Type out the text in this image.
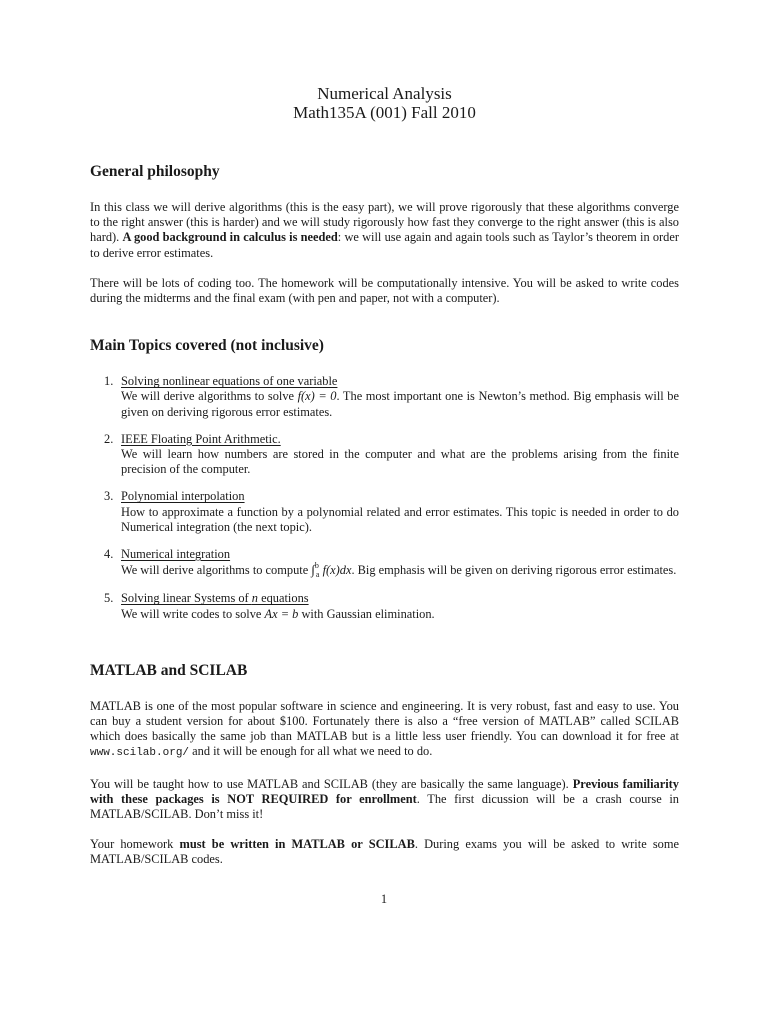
Numerical Analysis
Math135A (001) Fall 2010
General philosophy

In this class we will derive algorithms (this is the easy part), we will prove rigorously that these algorithms converge to the right answer (this is harder) and we will study rigorously how fast they converge to the right answer (this is also hard). A good background in calculus is needed: we will use again and again tools such as Taylor’s theorem in order to derive error estimates.

There will be lots of coding too. The homework will be computationally intensive. You will be asked to write codes during the midterms and the final exam (with pen and paper, not with a computer).

Main Topics covered (not inclusive)
1. Solving nonlinear equations of one variable
We will derive algorithms to solve f(x) = 0. The most important one is Newton’s method. Big emphasis will be given on deriving rigorous error estimates.
2. IEEE Floating Point Arithmetic.
We will learn how numbers are stored in the computer and what are the problems arising from the finite precision of the computer.
3. Polynomial interpolation
How to approximate a function by a polynomial related and error estimates. This topic is needed in order to do Numerical integration (the next topic).
4. Numerical integration
We will derive algorithms to compute ∫$^b_a$ f(x)dx. Big emphasis will be given on deriving rigorous error estimates.
5. Solving linear Systems of n equations
We will write codes to solve Ax = b with Gaussian elimination.
MATLAB and SCILAB

MATLAB is one of the most popular software in science and engineering. It is very robust, fast and easy to use. You can buy a student version for about $100. Fortunately there is also a “free version of MATLAB” called SCILAB which does basically the same job than MATLAB but is a little less user friendly. You can download it for free at www.scilab.org/ and it will be enough for all what we need to do.

You will be taught how to use MATLAB and SCILAB (they are basically the same language). Previous familiarity with these packages is NOT REQUIRED for enrollment. The first dicussion will be a crash course in MATLAB/SCILAB. Don’t miss it!

Your homework must be written in MATLAB or SCILAB. During exams you will be asked to write some MATLAB/SCILAB codes.

1
